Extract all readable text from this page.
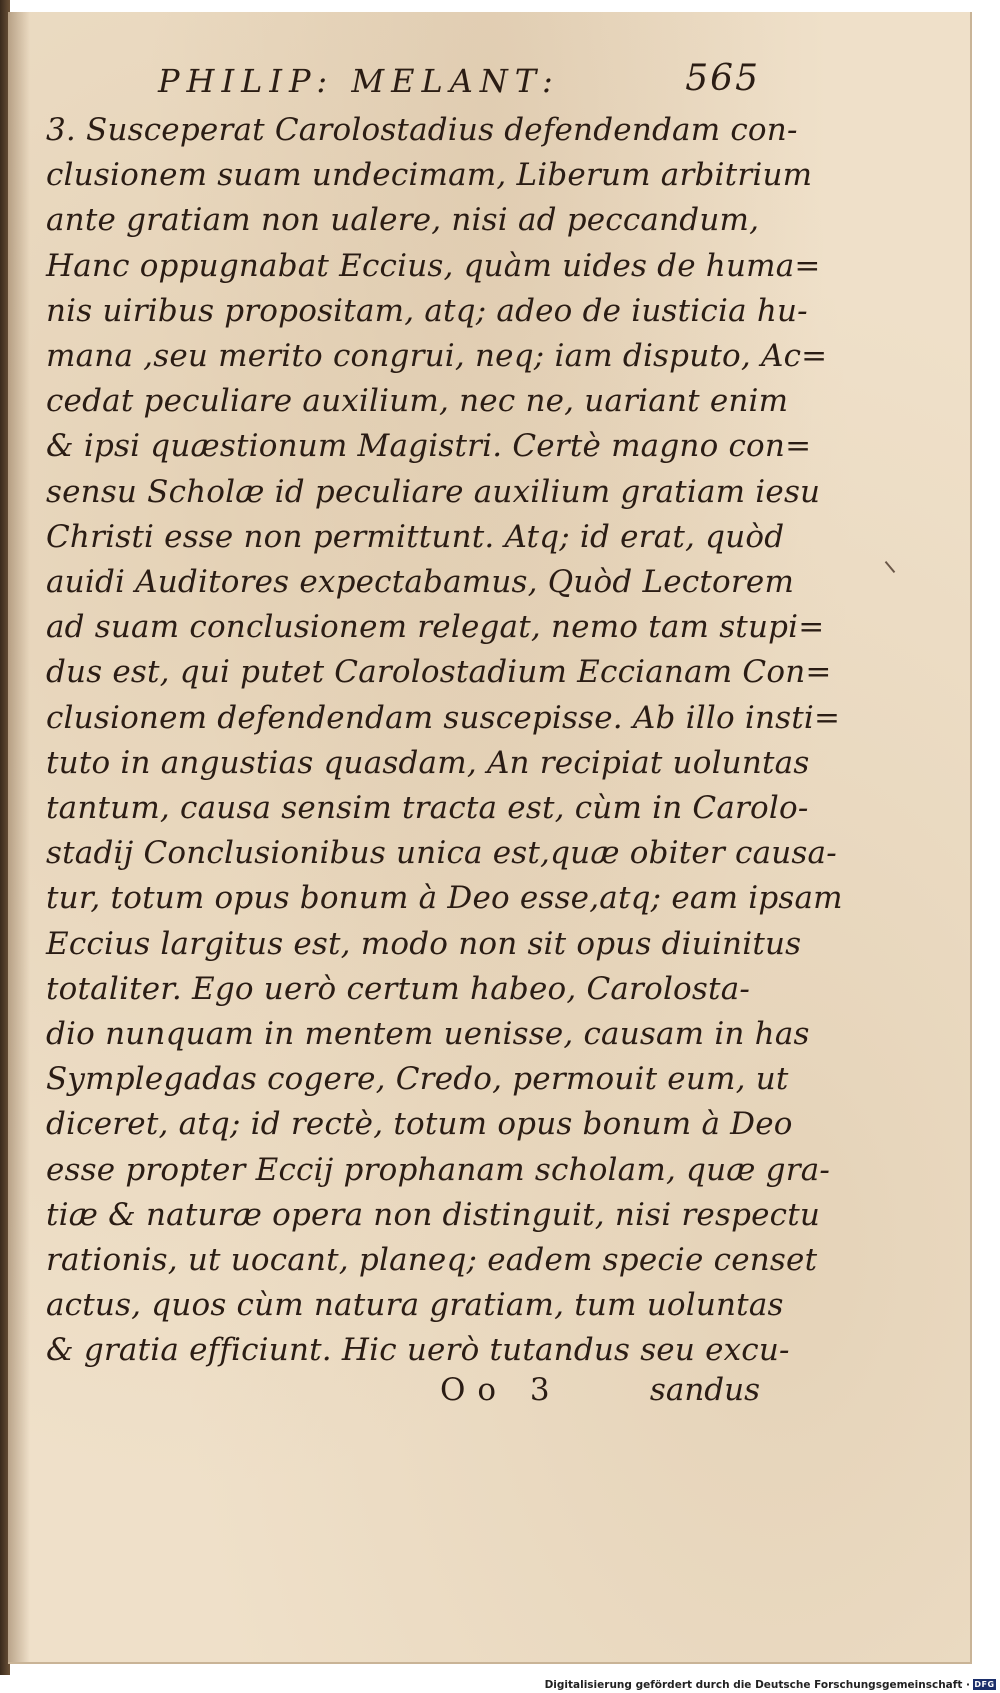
PHILIP: MELANT:	565
3. Susceperat Carolostadius defendendam con-
clusionem suam undecimam, Liberum arbitrium
ante gratiam non ualere, nisi ad peccandum,
Hanc oppugnabat Eccius, quàm uides de huma=
nis uiribus propositam, atq; adeo de iusticia hu-
mana ,seu merito congrui, neq; iam disputo, Ac=
cedat peculiare auxilium, nec ne, uariant enim
& ipsi quæstionum Magistri. Certè magno con=
sensu Scholæ id peculiare auxilium gratiam iesu
Christi esse non permittunt. Atq; id erat, quòd
auidi Auditores expectabamus, Quòd Lectorem
ad suam conclusionem relegat, nemo tam stupi=
dus est, qui putet Carolostadium Eccianam Con=
clusionem defendendam suscepisse. Ab illo insti=
tuto in angustias quasdam, An recipiat uoluntas
tantum, causa sensim tracta est, cùm in Carolo-
stadij Conclusionibus unica est,quæ obiter causa-
tur, totum opus bonum à Deo esse,atq; eam ipsam
Eccius largitus est, modo non sit opus diuinitus
totaliter. Ego uerò certum habeo, Carolosta-
dio nunquam in mentem uenisse, causam in has
Symplegadas cogere, Credo, permouit eum, ut
diceret, atq; id rectè, totum opus bonum à Deo
esse propter Eccij prophanam scholam, quæ gra-
tiæ & naturæ opera non distinguit, nisi respectu
rationis, ut uocant, planeq; eadem specie censet
actus, quos cùm natura gratiam, tum uoluntas
& gratia efficiunt. Hic uerò tutandus seu excu-
Oo 3	sandus
Digitalisierung gefördert durch die Deutsche Forschungsgemeinschaft · DFG
